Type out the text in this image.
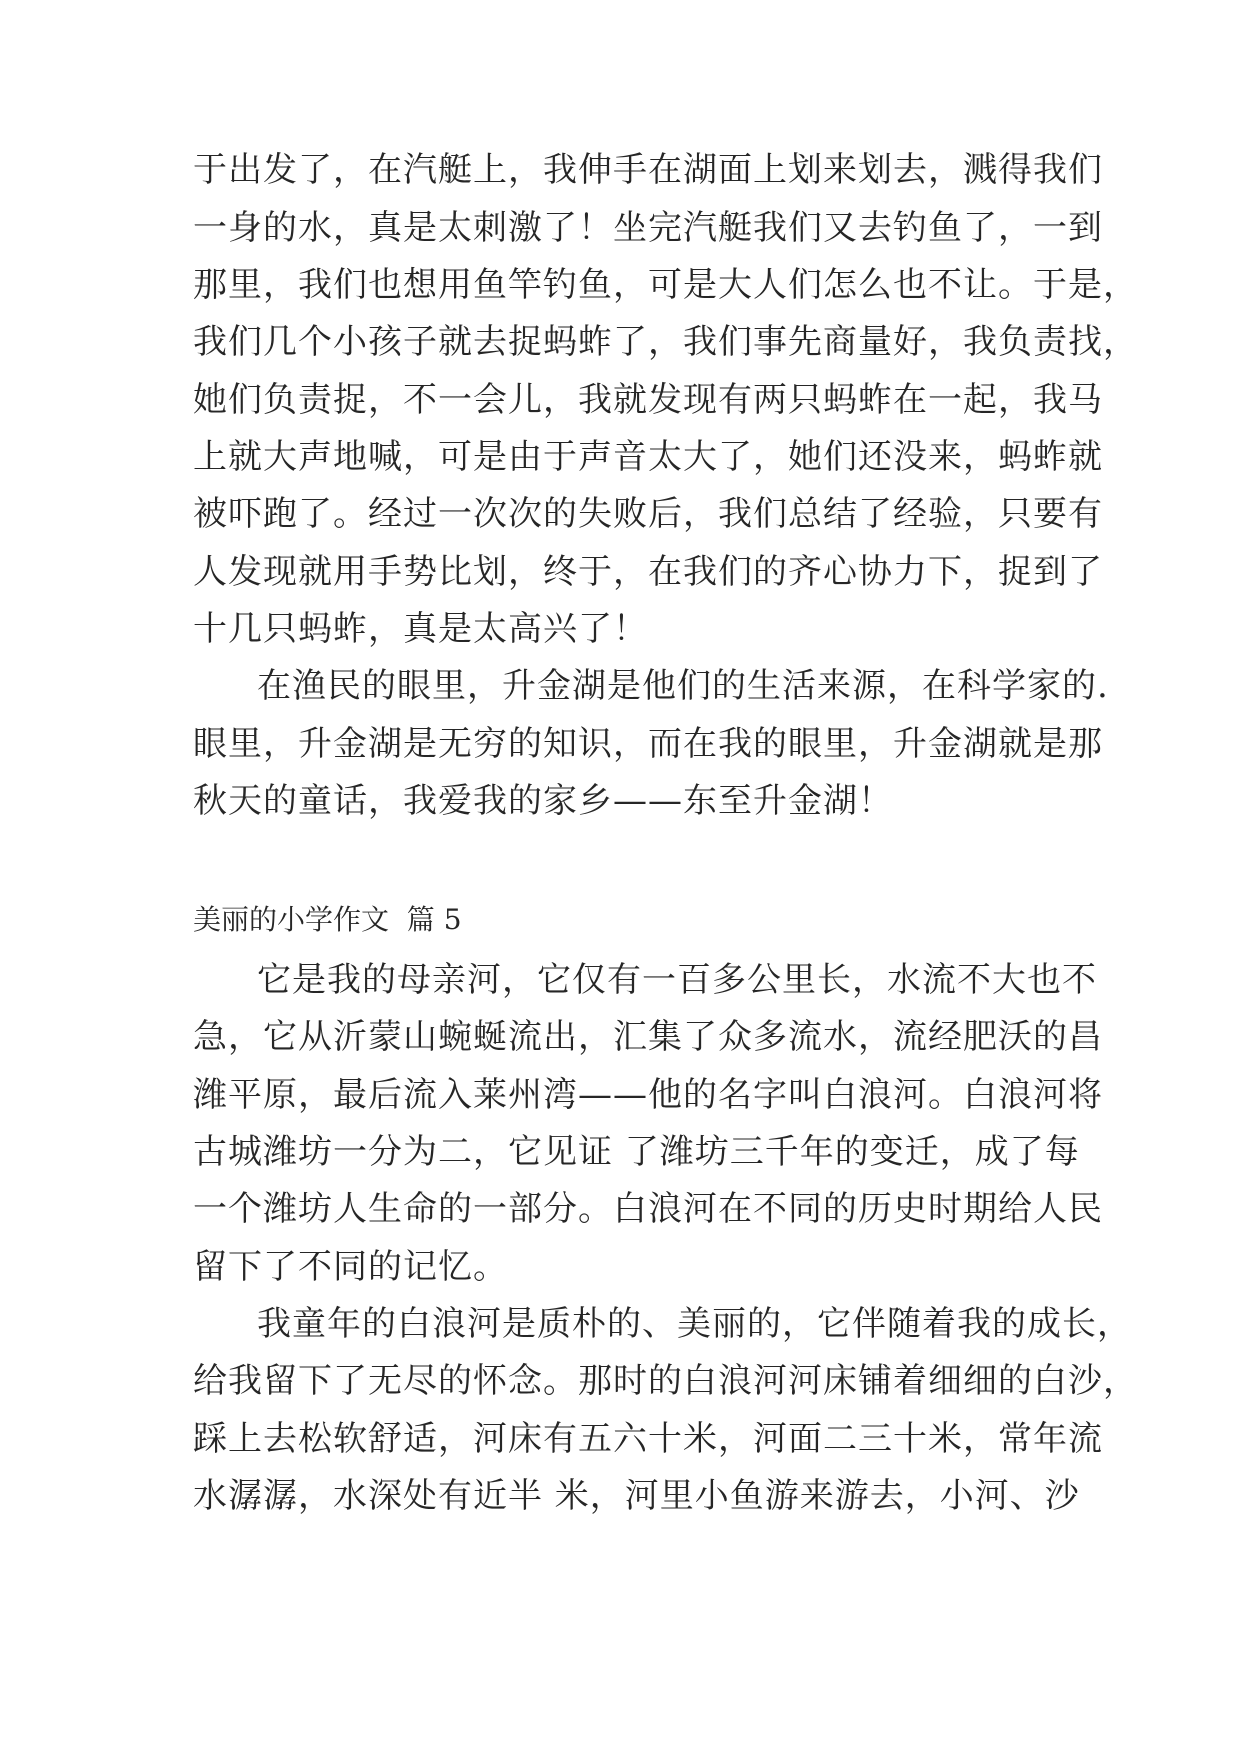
于出发了，在汽艇上，我伸手在湖面上划来划去，溅得我们
一身的水，真是太刺激了！坐完汽艇我们又去钓鱼了，一到
那里，我们也想用鱼竿钓鱼，可是大人们怎么也不让。于是，
我们几个小孩子就去捉蚂蚱了，我们事先商量好，我负责找，
她们负责捉，不一会儿，我就发现有两只蚂蚱在一起，我马
上就大声地喊，可是由于声音太大了，她们还没来，蚂蚱就
被吓跑了。经过一次次的失败后，我们总结了经验，只要有
人发现就用手势比划，终于，在我们的齐心协力下，捉到了
十几只蚂蚱，真是太高兴了！
在渔民的眼里，升金湖是他们的生活来源，在科学家的.
眼里，升金湖是无穷的知识，而在我的眼里，升金湖就是那
秋天的童话，我爱我的家乡——东至升金湖！
美丽的小学作文  篇 5
它是我的母亲河，它仅有一百多公里长，水流不大也不
急，它从沂蒙山蜿蜒流出，汇集了众多流水，流经肥沃的昌
潍平原，最后流入莱州湾——他的名字叫白浪河。白浪河将
古城潍坊一分为二，它见证 了潍坊三千年的变迁，成了每
一个潍坊人生命的一部分。白浪河在不同的历史时期给人民
留下了不同的记忆。
我童年的白浪河是质朴的、美丽的，它伴随着我的成长，
给我留下了无尽的怀念。那时的白浪河河床铺着细细的白沙，
踩上去松软舒适，河床有五六十米，河面二三十米，常年流
水潺潺，水深处有近半 米，河里小鱼游来游去，小河、沙
